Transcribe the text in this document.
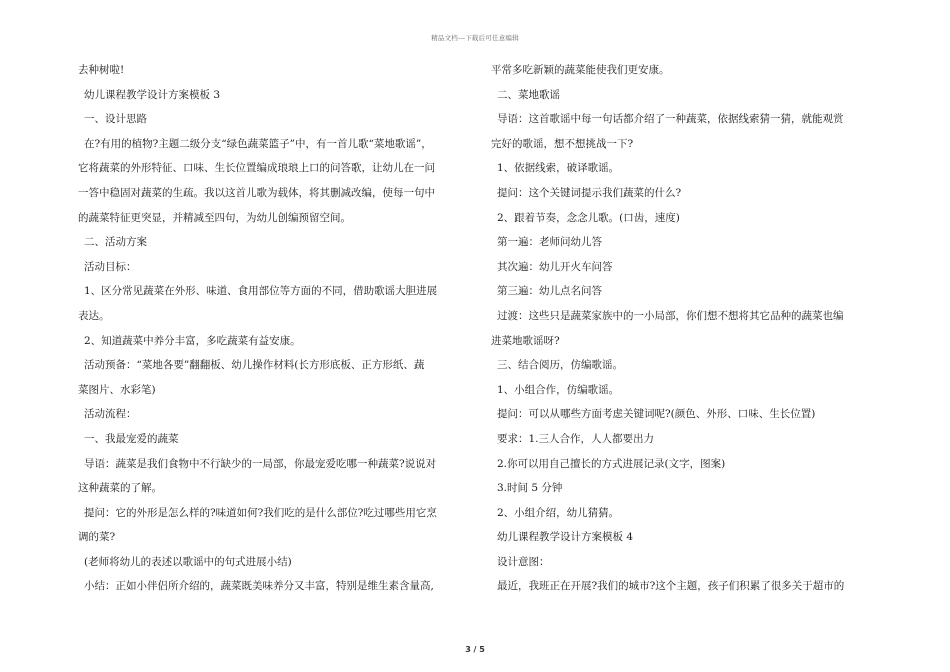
精品文档---下载后可任意编辑
去种树啦!
幼儿课程教学设计方案模板 3
一、设计思路
在?有用的植物?主题二级分支“绿色蔬菜篮子”中，有一首儿歌“菜地歌谣”，
它将蔬菜的外形特征、口味、生长位置编成琅琅上口的问答歌，让幼儿在一问
一答中稳固对蔬菜的生疏。我以这首儿歌为载体，将其删减改编，使每一句中
的蔬菜特征更突显，并精减至四句，为幼儿创编预留空间。
二、活动方案
活动目标：
1、区分常见蔬菜在外形、味道、食用部位等方面的不同，借助歌谣大胆进展
表达。
2、知道蔬菜中养分丰富，多吃蔬菜有益安康。
活动预备：“菜地各要”翻翻板、幼儿操作材料(长方形底板、正方形纸、蔬
菜图片、水彩笔)
活动流程：
一、我最宠爱的蔬菜
导语：蔬菜是我们食物中不行缺少的一局部，你最宠爱吃哪一种蔬菜?说说对
这种蔬菜的了解。
提问：它的外形是怎么样的?味道如何?我们吃的是什么部位?吃过哪些用它烹
调的菜?
(老师将幼儿的表述以歌谣中的句式进展小结)
小结：正如小伴侣所介绍的，蔬菜既美味养分又丰富，特别是维生素含量高,
平常多吃新颖的蔬菜能使我们更安康。
二、菜地歌谣
导语：这首歌谣中每一句话都介绍了一种蔬菜，依据线索猜一猜，就能观赏
完好的歌谣，想不想挑战一下?
1、依据线索，破译歌谣。
提问：这个关键词提示我们蔬菜的什么?
2、跟着节奏，念念儿歌。(口齿，速度)
第一遍：老师问幼儿答
其次遍：幼儿开火车问答
第三遍：幼儿点名问答
过渡：这些只是蔬菜家族中的一小局部，你们想不想将其它品种的蔬菜也编
进菜地歌谣呀?
三、结合阅历，仿编歌谣。
1、小组合作，仿编歌谣。
提问：可以从哪些方面考虑关键词呢?(颜色、外形、口味、生长位置)
要求：1.三人合作，人人都要出力
2.你可以用自己擅长的方式进展记录(文字，图案)
3.时间 5 分钟
2、小组介绍，幼儿猜猜。
幼儿课程教学设计方案模板 4
设计意图：
最近，我班正在开展?我们的城市?这个主题，孩子们积累了很多关于超市的
3 / 5
